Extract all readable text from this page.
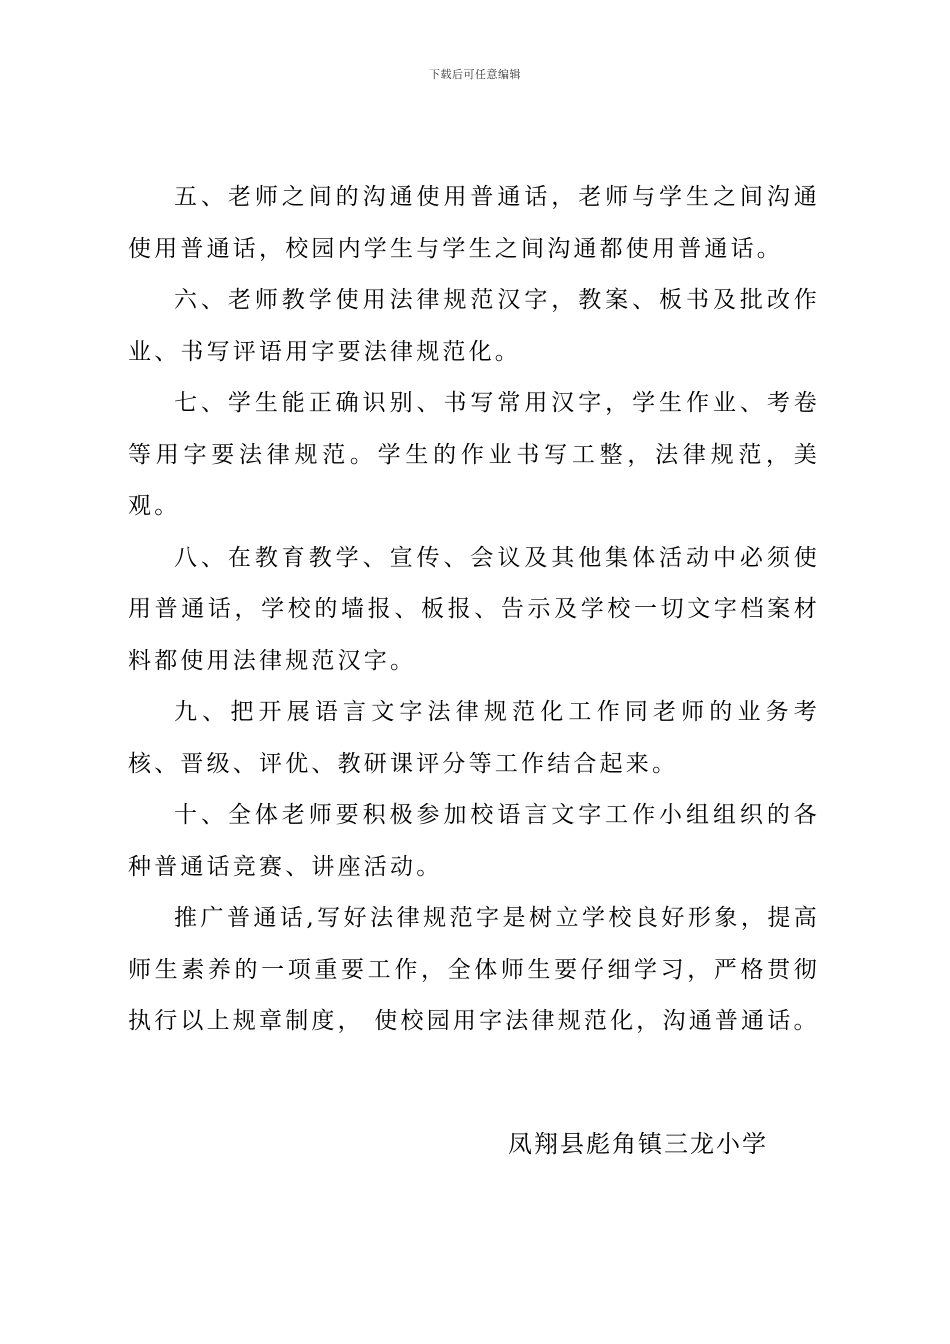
下载后可任意编辑

五、老师之间的沟通使用普通话，老师与学生之间沟通使用普通话，校园内学生与学生之间沟通都使用普通话。

六、老师教学使用法律规范汉字，教案、板书及批改作业、书写评语用字要法律规范化。

七、学生能正确识别、书写常用汉字，学生作业、考卷等用字要法律规范。学生的作业书写工整，法律规范，美观。

八、在教育教学、宣传、会议及其他集体活动中必须使用普通话，学校的墙报、板报、告示及学校一切文字档案材料都使用法律规范汉字。

九、把开展语言文字法律规范化工作同老师的业务考核、晋级、评优、教研课评分等工作结合起来。

十、全体老师要积极参加校语言文字工作小组组织的各种普通话竞赛、讲座活动。

推广普通话,写好法律规范字是树立学校良好形象，提高师生素养的一项重要工作，全体师生要仔细学习，严格贯彻执行以上规章制度， 使校园用字法律规范化，沟通普通话。

凤翔县彪角镇三龙小学
